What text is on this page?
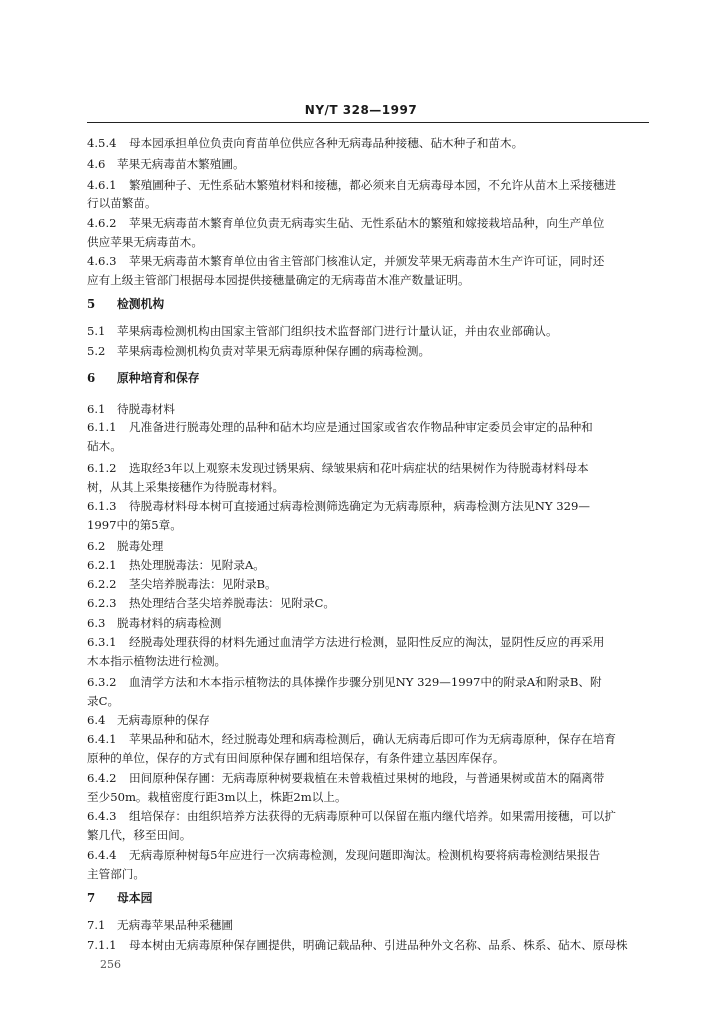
NY/T 328—1997
4.5.4 母本园承担单位负责向育苗单位供应各种无病毒品种接穗、砧木种子和苗木。
4.6 苹果无病毒苗木繁殖圃。
4.6.1 繁殖圃种子、无性系砧木繁殖材料和接穗，都必须来自无病毒母本园，不允许从苗木上采接穗进
行以苗繁苗。
4.6.2 苹果无病毒苗木繁育单位负责无病毒实生砧、无性系砧木的繁殖和嫁接栽培品种，向生产单位
供应苹果无病毒苗木。
4.6.3 苹果无病毒苗木繁育单位由省主管部门核准认定，并颁发苹果无病毒苗木生产许可证，同时还
应有上级主管部门根据母本园提供接穗量确定的无病毒苗木准产数量证明。
5 检测机构
5.1 苹果病毒检测机构由国家主管部门组织技术监督部门进行计量认证，并由农业部确认。
5.2 苹果病毒检测机构负责对苹果无病毒原种保存圃的病毒检测。
6 原种培育和保存
6.1 待脱毒材料
6.1.1 凡准备进行脱毒处理的品种和砧木均应是通过国家或省农作物品种审定委员会审定的品种和
砧木。
6.1.2 选取经3年以上观察未发现过锈果病、绿皱果病和花叶病症状的结果树作为待脱毒材料母本
树，从其上采集接穗作为待脱毒材料。
6.1.3 待脱毒材料母本树可直接通过病毒检测筛选确定为无病毒原种，病毒检测方法见NY 329—
1997中的第5章。
6.2 脱毒处理
6.2.1 热处理脱毒法：见附录A。
6.2.2 茎尖培养脱毒法：见附录B。
6.2.3 热处理结合茎尖培养脱毒法：见附录C。
6.3 脱毒材料的病毒检测
6.3.1 经脱毒处理获得的材料先通过血清学方法进行检测，显阳性反应的淘汰，显阴性反应的再采用
木本指示植物法进行检测。
6.3.2 血清学方法和木本指示植物法的具体操作步骤分别见NY 329—1997中的附录A和附录B、附
录C。
6.4 无病毒原种的保存
6.4.1 苹果品种和砧木，经过脱毒处理和病毒检测后，确认无病毒后即可作为无病毒原种，保存在培育
原种的单位，保存的方式有田间原种保存圃和组培保存，有条件建立基因库保存。
6.4.2 田间原种保存圃：无病毒原种树要栽植在未曾栽植过果树的地段，与普通果树或苗木的隔离带
至少50m。栽植密度行距3m以上，株距2m以上。
6.4.3 组培保存：由组织培养方法获得的无病毒原种可以保留在瓶内继代培养。如果需用接穗，可以扩
繁几代，移至田间。
6.4.4 无病毒原种树每5年应进行一次病毒检测，发现问题即淘汰。检测机构要将病毒检测结果报告
主管部门。
7 母本园
7.1 无病毒苹果品种采穗圃
7.1.1 母本树由无病毒原种保存圃提供，明确记载品种、引进品种外文名称、品系、株系、砧木、原母株
256
